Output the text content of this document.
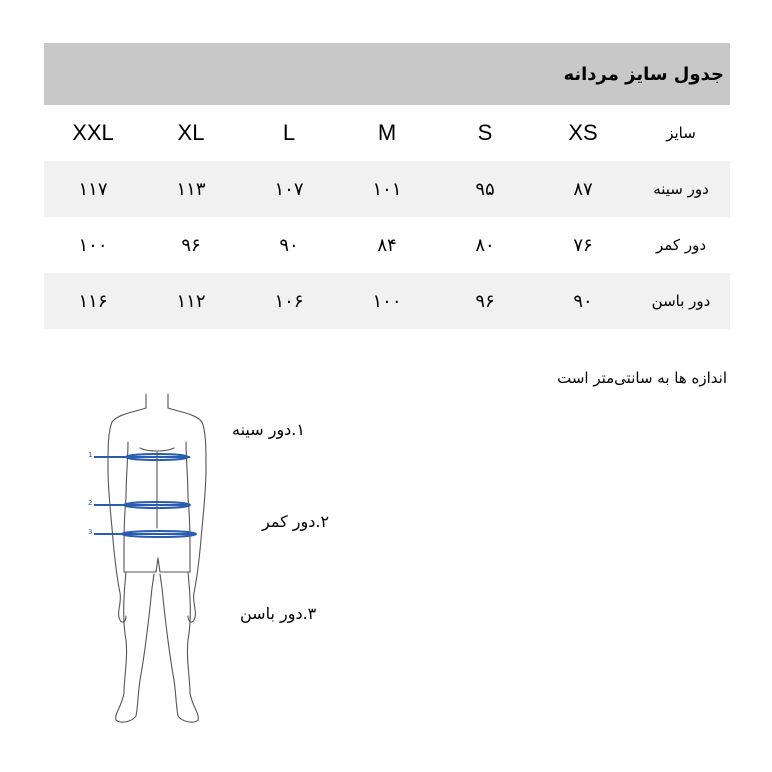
جدول سایز مردانه
XXL	XL	L	M	S	XS	سایز
۱۱۷	۱۱۳	۱۰۷	۱۰۱	۹۵	۸۷	دور سینه
۱۰۰	۹۶	۹۰	۸۴	۸۰	۷۶	دور کمر
۱۱۶	۱۱۲	۱۰۶	۱۰۰	۹۶	۹۰	دور باسن
اندازه ها به سانتی‌متر است
1
2
3
۱.دور سینه
۲.دور کمر
۳.دور باسن
